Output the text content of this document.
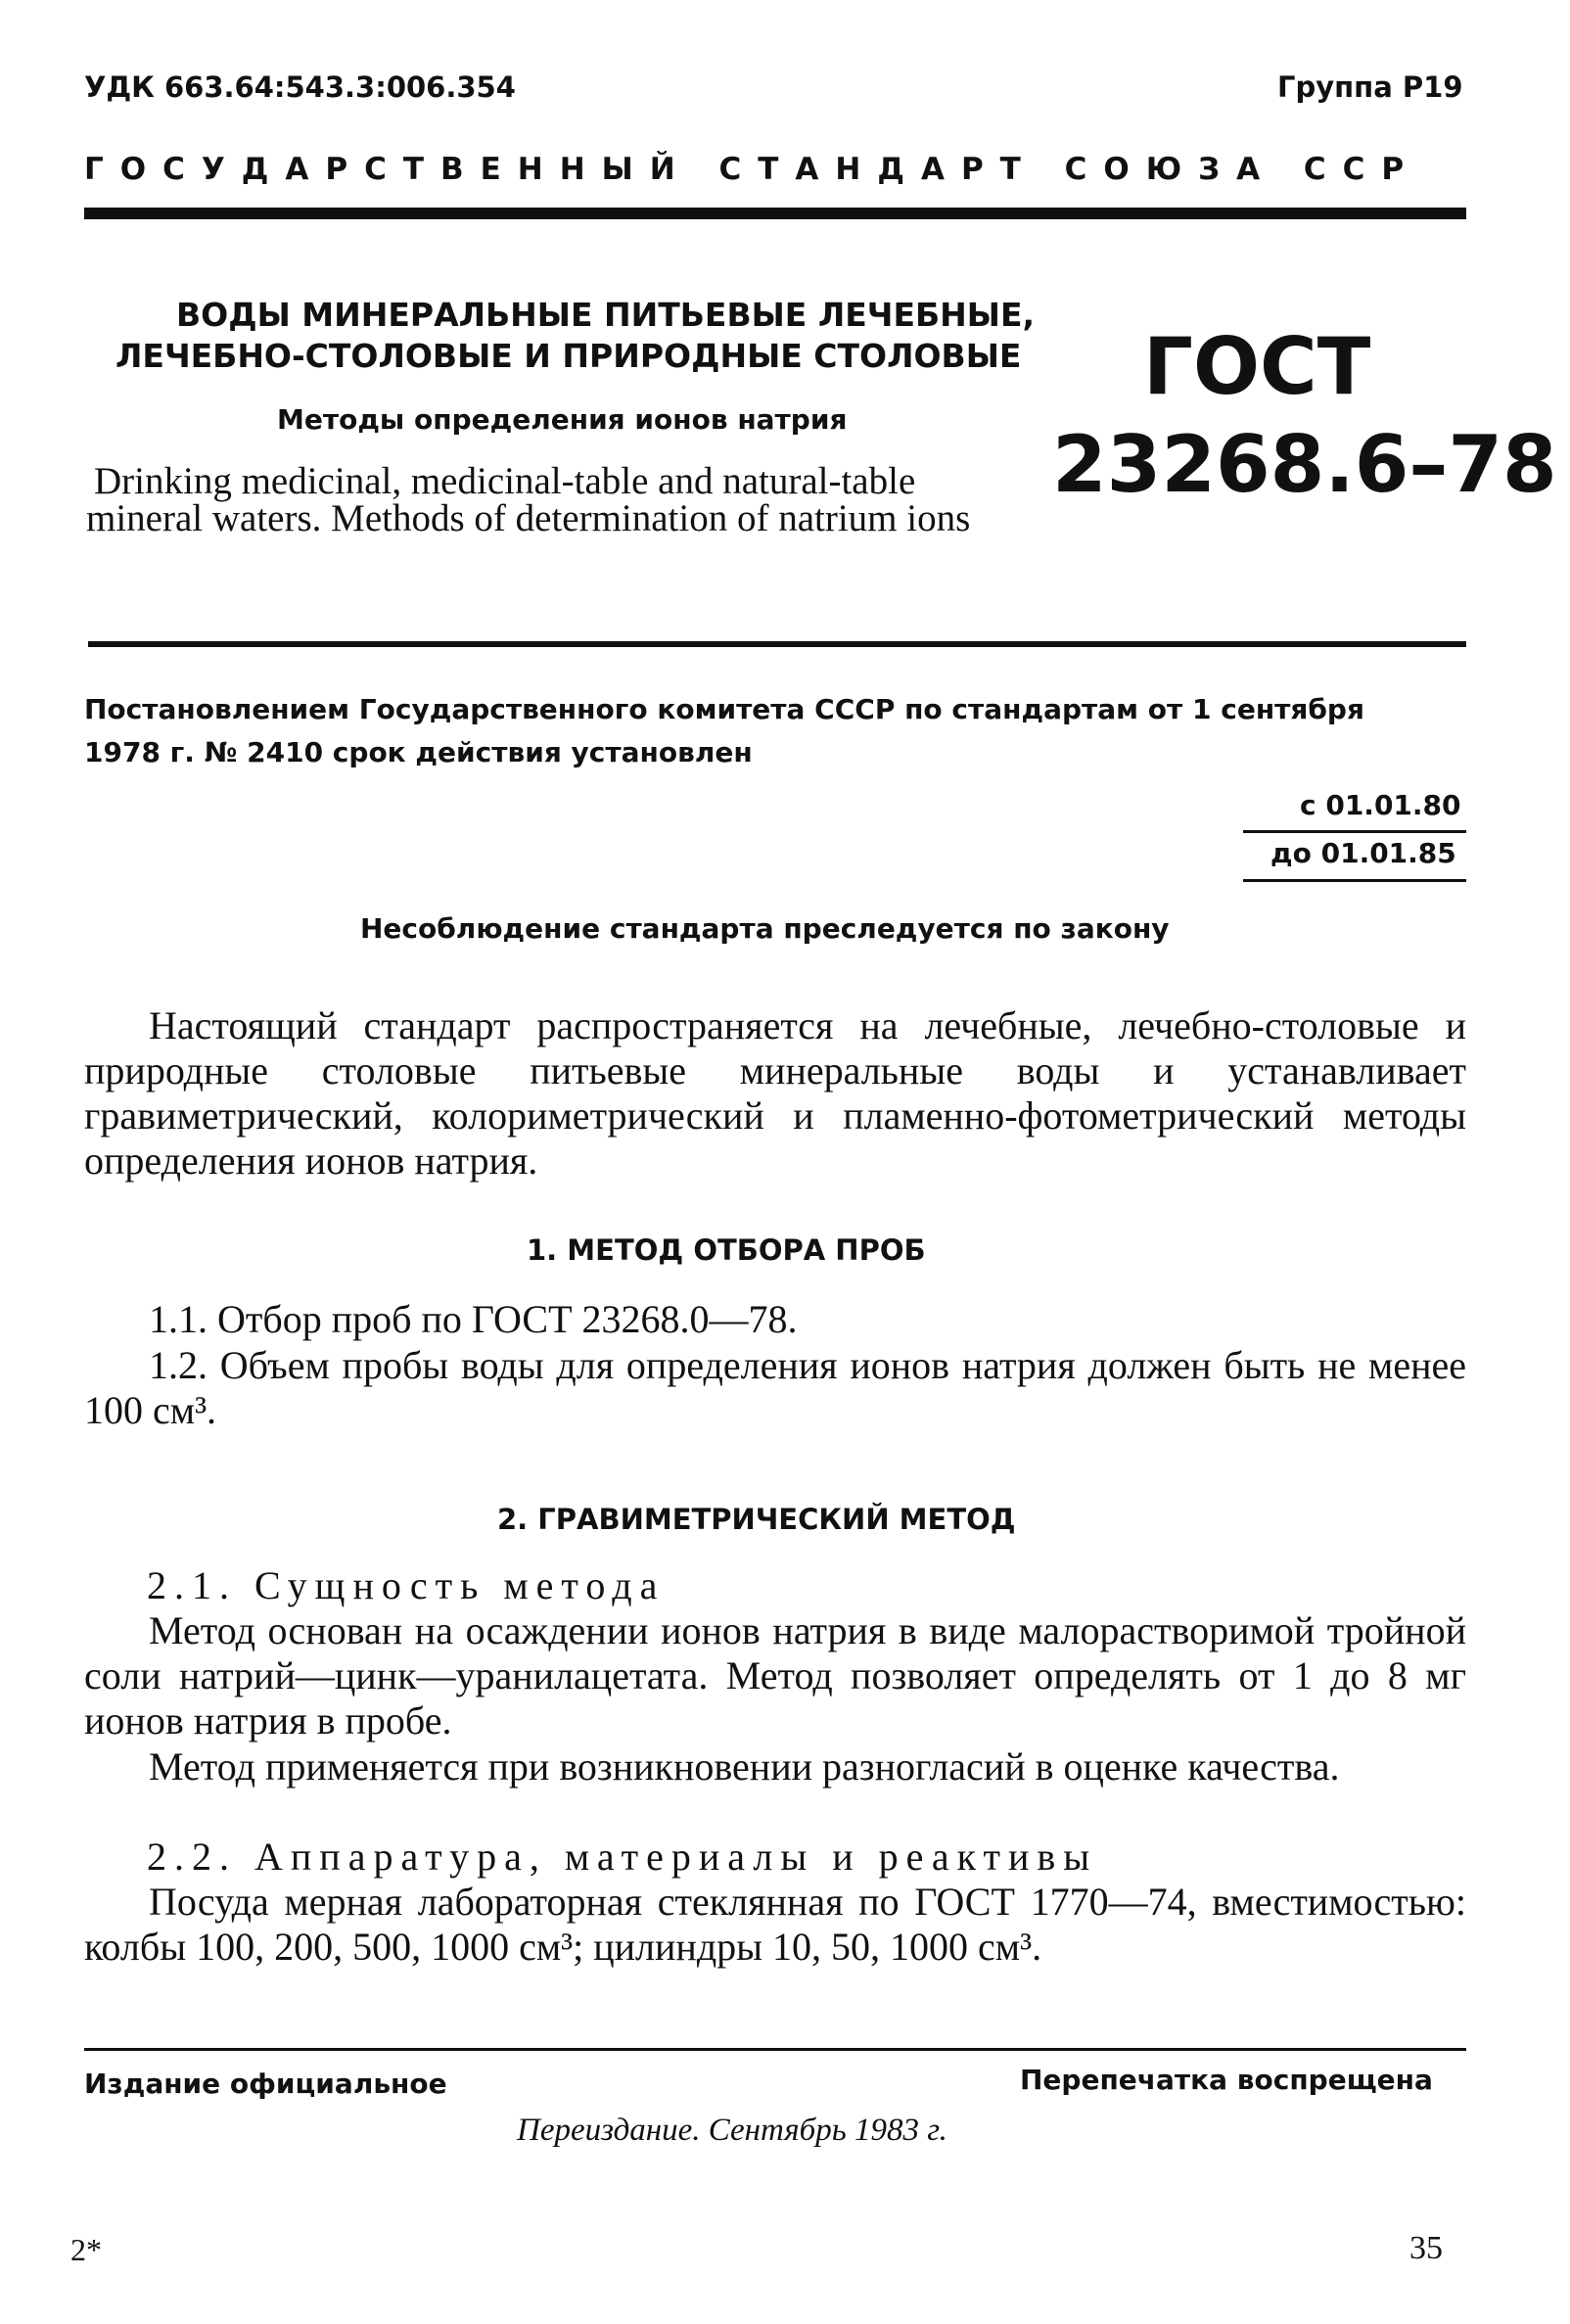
УДК 663.64:543.3:006.354	Группа Р19
ГОСУДАРСТВЕННЫЙ СТАНДАРТ СОЮЗА ССР
ВОДЫ МИНЕРАЛЬНЫЕ ПИТЬЕВЫЕ ЛЕЧЕБНЫЕ,
ЛЕЧЕБНО-СТОЛОВЫЕ И ПРИРОДНЫЕ СТОЛОВЫЕ
Методы определения ионов натрия
Drinking medicinal, medicinal-table and natural-table
mineral waters. Methods of determination of natrium ions
ГОСТ
23268.6–78
Постановлением Государственного комитета СССР по стандартам от 1 сентября
1978 г. № 2410 срок действия установлен
с 01.01.80
до 01.01.85
Несоблюдение стандарта преследуется по закону
Настоящий стандарт распространяется на лечебные, лечебно-столовые и природные столовые питьевые минеральные воды и устанавливает гравиметрический, колориметрический и пламенно-фотометрический методы определения ионов натрия.
1. МЕТОД ОТБОРА ПРОБ
1.1. Отбор проб по ГОСТ 23268.0—78.
1.2. Объем пробы воды для определения ионов натрия должен быть не менее 100 см³.
2. ГРАВИМЕТРИЧЕСКИЙ МЕТОД
2.1. Сущность метода
Метод основан на осаждении ионов натрия в виде малорастворимой тройной соли натрий—цинк—уранилацетата. Метод позволяет определять от 1 до 8 мг ионов натрия в пробе.
Метод применяется при возникновении разногласий в оценке качества.
2.2. Аппаратура, материалы и реактивы
Посуда мерная лабораторная стеклянная по ГОСТ 1770—74, вместимостью: колбы 100, 200, 500, 1000 см³; цилиндры 10, 50, 1000 см³.
Издание официальное	Перепечатка воспрещена
Переиздание. Сентябрь 1983 г.
2*	35
